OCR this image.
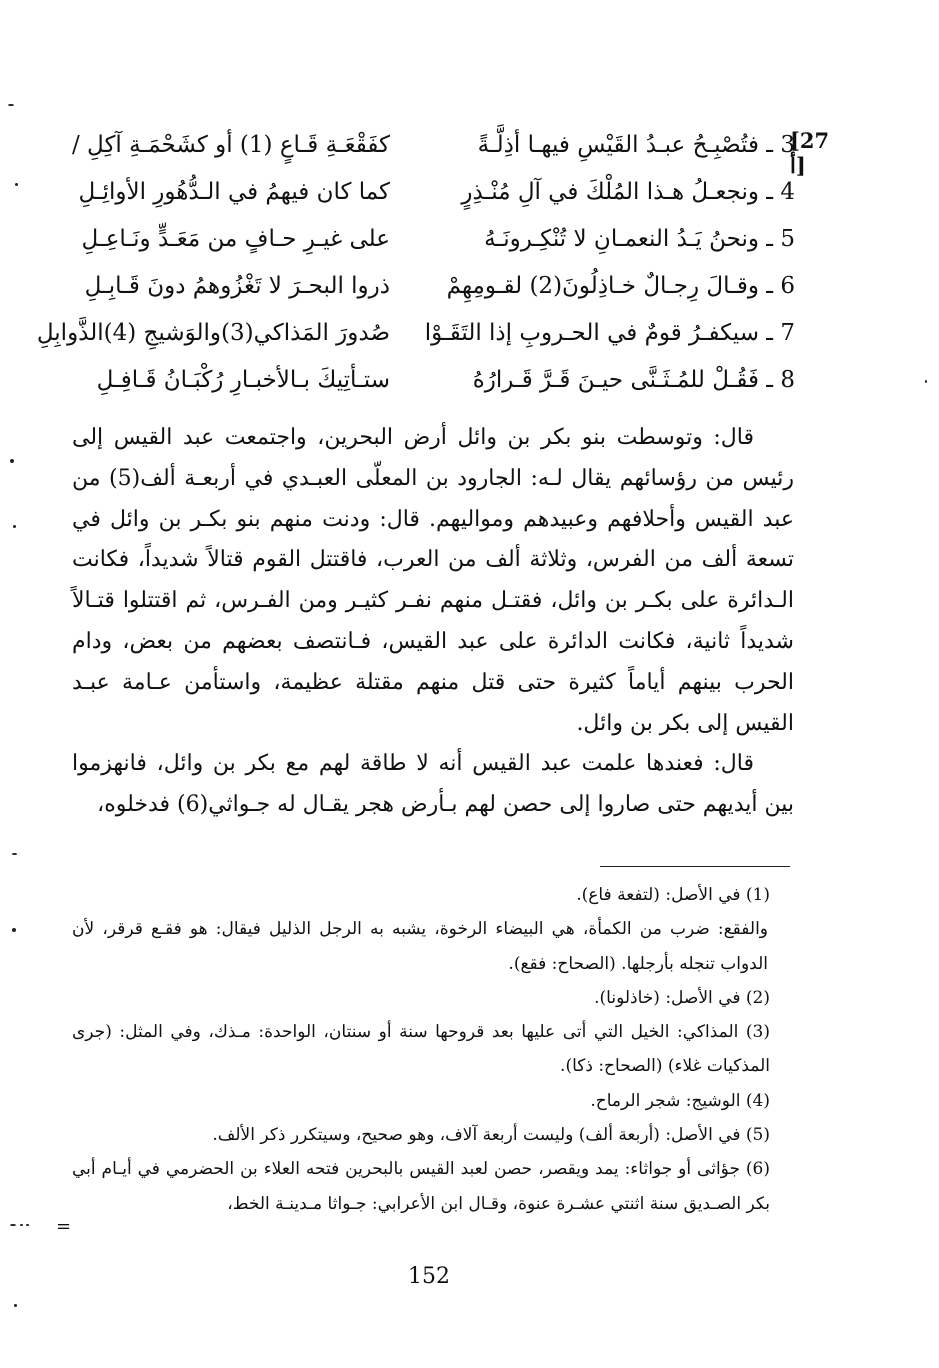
[27 أ]
3 ـ فتُصْبِـحُ عبـدُ القَيْسِ فيهـا أذِلَّـةً
كفَقْعَـةِ قَـاعٍ (1) أو كشَحْمَـةِ آكِلِ /
4 ـ ونجعـلُ هـذا المُلْكَ في آلِ مُنْـذِرٍ
كما كان فيهمُ في الـدُّهُورِ الأوائِـلِ
5 ـ ونحنُ يَـدُ النعمـانِ لا تُنْكِـرونَـهُ
على غيـرِ حـافٍ من مَعَـدٍّ ونَـاعِـلِ
6 ـ وقـالَ رِجـالٌ خـاذِلُونَ(2) لقـومِهِمْ
ذروا البحـرَ لا تَغْزُوهمُ دونَ قَـابِـلِ
7 ـ سيكفـرُ قومٌ في الحـروبِ إذا التَقَـوْا
صُدورَ المَذاكي(3)والوَشيجِ (4)الذَّوابِلِ
8 ـ فَقُـلْ للمُـثَـنَّى حيـنَ قَـرَّ قَـرارُهُ
ستـأتِيكَ بـالأخبـارِ رُكْبَـانُ قَـافِـلِ

قال: وتوسطت بنو بكر بن وائل أرض البحرين، واجتمعت عبد القيس إلى رئيس من رؤسائهم يقال لـه: الجارود بن المعلّى العبـدي في أربعـة ألف(5) من عبد القيس وأحلافهم وعبيدهم ومواليهم. قال: ودنت منهم بنو بكـر بن وائل في تسعة ألف من الفرس، وثلاثة ألف من العرب، فاقتتل القوم قتالاً شديداً، فكانت الـدائرة على بكـر بن وائل، فقتـل منهم نفـر كثيـر ومن الفـرس، ثم اقتتلوا قتـالاً شديداً ثانية، فكانت الدائرة على عبد القيس، فـانتصف بعضهم من بعض، ودام الحرب بينهم أياماً كثيرة حتى قتل منهم مقتلة عظيمة، واستأمن عـامة عبـد القيس إلى بكر بن وائل.

قال: فعندها علمت عبد القيس أنه لا طاقة لهم مع بكر بن وائل، فانهزموا بين أيديهم حتى صاروا إلى حصن لهم بـأرض هجر يقـال له جـواثي(6) فدخلوه،

(1) في الأصل: (لتفعة فاع).

والفقع: ضرب من الكمأة، هي البيضاء الرخوة، يشبه به الرجل الذليل فيقال: هو فقـع قرقر، لأن الدواب تنجله بأرجلها. (الصحاح: فقع).

(2) في الأصل: (خاذلونا).

(3) المذاكي: الخيل التي أتى عليها بعد قروحها سنة أو سنتان، الواحدة: مـذك، وفي المثل: (جرى المذكيات غلاء) (الصحاح: ذكا).

(4) الوشيج: شجر الرماح.

(5) في الأصل: (أربعة ألف) وليست أربعة آلاف، وهو صحيح، وسيتكرر ذكر الألف.

(6) جؤاثى أو جواثاء: يمد ويقصر، حصن لعبد القيس بالبحرين فتحه العلاء بن الحضرمي في أيـام أبي بكر الصـديق سنة اثنتي عشـرة عنوة، وقـال ابن الأعرابي: جـواثا مـدينـة الخط،

=
152
